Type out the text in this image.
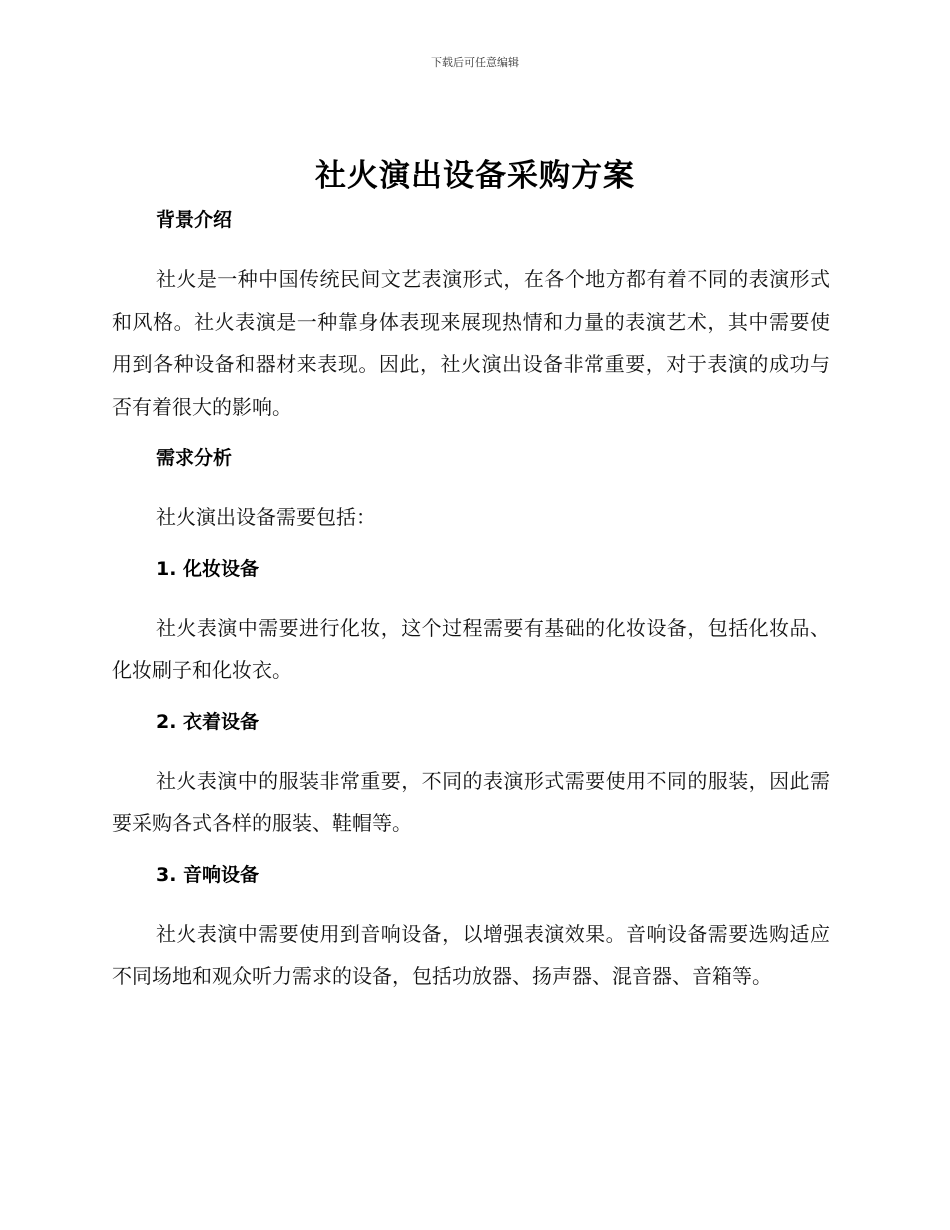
下载后可任意编辑
社火演出设备采购方案

背景介绍

社火是一种中国传统民间文艺表演形式，在各个地方都有着不同的表演形式和风格。社火表演是一种靠身体表现来展现热情和力量的表演艺术，其中需要使用到各种设备和器材来表现。因此，社火演出设备非常重要，对于表演的成功与否有着很大的影响。

需求分析

社火演出设备需要包括：

1. 化妆设备

社火表演中需要进行化妆，这个过程需要有基础的化妆设备，包括化妆品、化妆刷子和化妆衣。

2. 衣着设备

社火表演中的服装非常重要，不同的表演形式需要使用不同的服装，因此需要采购各式各样的服装、鞋帽等。

3. 音响设备

社火表演中需要使用到音响设备，以增强表演效果。音响设备需要选购适应不同场地和观众听力需求的设备，包括功放器、扬声器、混音器、音箱等。
